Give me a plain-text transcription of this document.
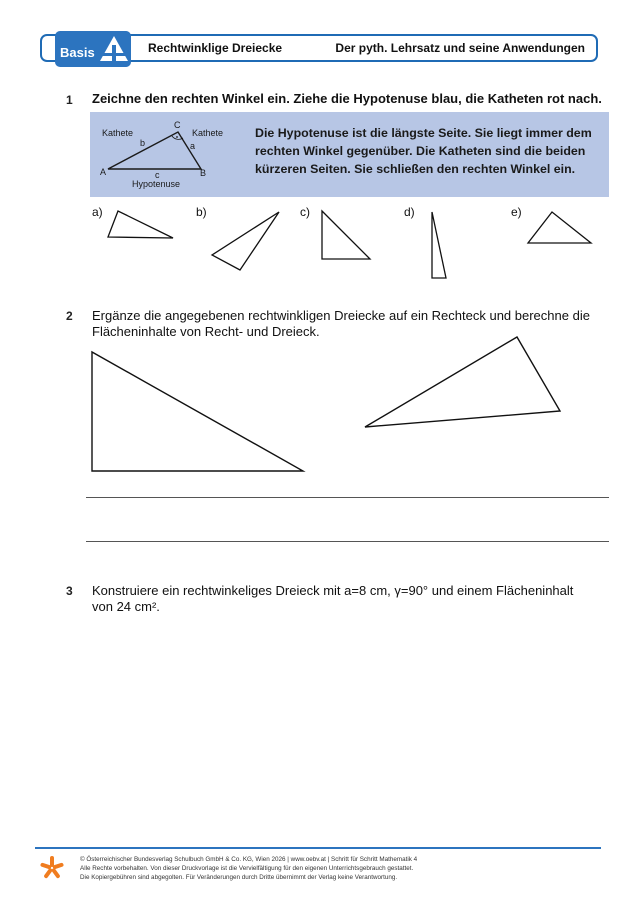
Basis	Rechtwinklige Dreiecke	Der pyth. Lehrsatz und seine Anwendungen
1 Zeichne den rechten Winkel ein. Ziehe die Hypotenuse blau, die Katheten rot nach.
Kathete	Kathete
Hypotenuse
A	B
C
b	a
c
Die Hypotenuse ist die längste Seite. Sie liegt immer dem rechten Winkel gegenüber. Die Katheten sind die beiden kürzeren Seiten. Sie schließen den rechten Winkel ein.
a)	b)	c)	d)	e)
2 Ergänze die angegebenen rechtwinkligen Dreiecke auf ein Rechteck und berechne die Flächeninhalte von Recht- und Dreieck.
3 Konstruiere ein rechtwinkeliges Dreieck mit a=8 cm, γ=90° und einem Flächeninhalt von 24 cm².
© Österreichischer Bundesverlag Schulbuch GmbH & Co. KG, Wien 2026 | www.oebv.at | Schritt für Schritt Mathematik 4
Alle Rechte vorbehalten. Von dieser Druckvorlage ist die Vervielfältigung für den eigenen Unterrichtsgebrauch gestattet.
Die Kopiergebühren sind abgegolten. Für Veränderungen durch Dritte übernimmt der Verlag keine Verantwortung.
